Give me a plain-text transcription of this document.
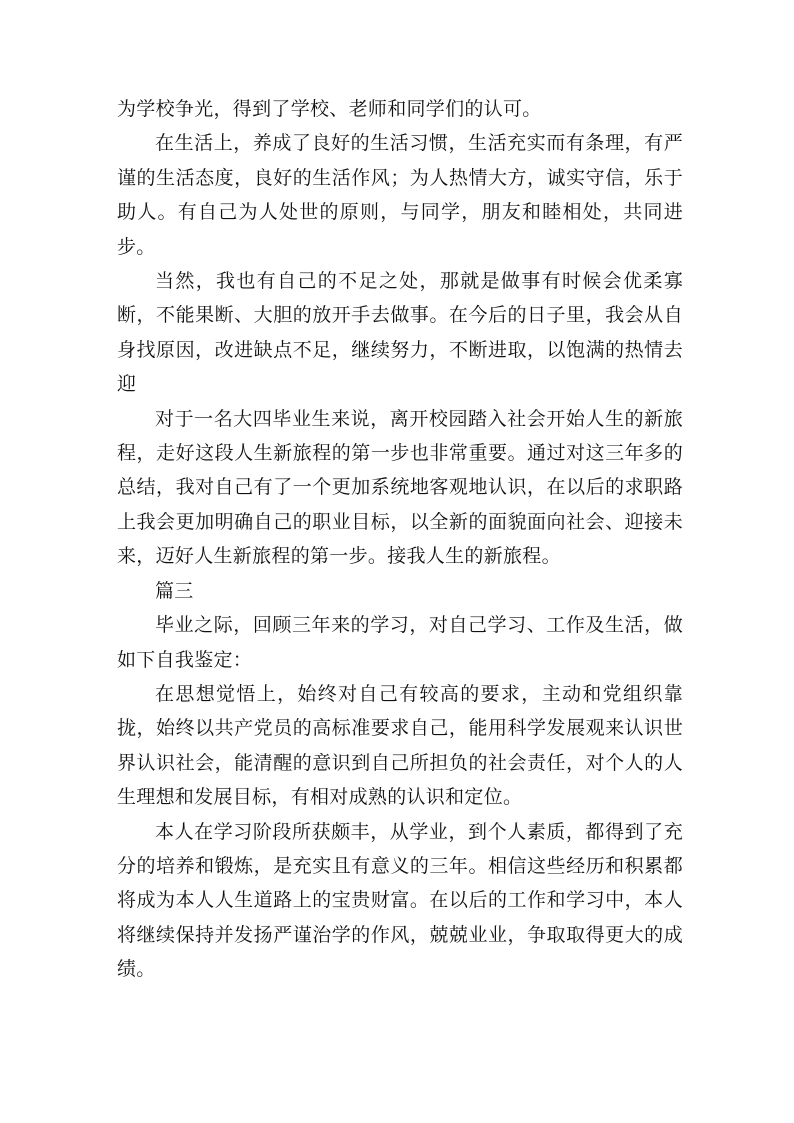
为学校争光，得到了学校、老师和同学们的认可。

在生活上，养成了良好的生活习惯，生活充实而有条理，有严谨的生活态度，良好的生活作风；为人热情大方，诚实守信，乐于助人。有自己为人处世的原则，与同学，朋友和睦相处，共同进步。

当然，我也有自己的不足之处，那就是做事有时候会优柔寡断，不能果断、大胆的放开手去做事。在今后的日子里，我会从自身找原因，改进缺点不足，继续努力，不断进取，以饱满的热情去迎

对于一名大四毕业生来说，离开校园踏入社会开始人生的新旅程，走好这段人生新旅程的第一步也非常重要。通过对这三年多的总结，我对自己有了一个更加系统地客观地认识，在以后的求职路上我会更加明确自己的职业目标，以全新的面貌面向社会、迎接未来，迈好人生新旅程的第一步。接我人生的新旅程。

篇三

毕业之际，回顾三年来的学习，对自己学习、工作及生活，做如下自我鉴定：

在思想觉悟上，始终对自己有较高的要求，主动和党组织靠拢，始终以共产党员的高标准要求自己，能用科学发展观来认识世界认识社会，能清醒的意识到自己所担负的社会责任，对个人的人生理想和发展目标，有相对成熟的认识和定位。

本人在学习阶段所获颇丰，从学业，到个人素质，都得到了充分的培养和锻炼，是充实且有意义的三年。相信这些经历和积累都将成为本人人生道路上的宝贵财富。在以后的工作和学习中，本人将继续保持并发扬严谨治学的作风，兢兢业业，争取取得更大的成绩。
